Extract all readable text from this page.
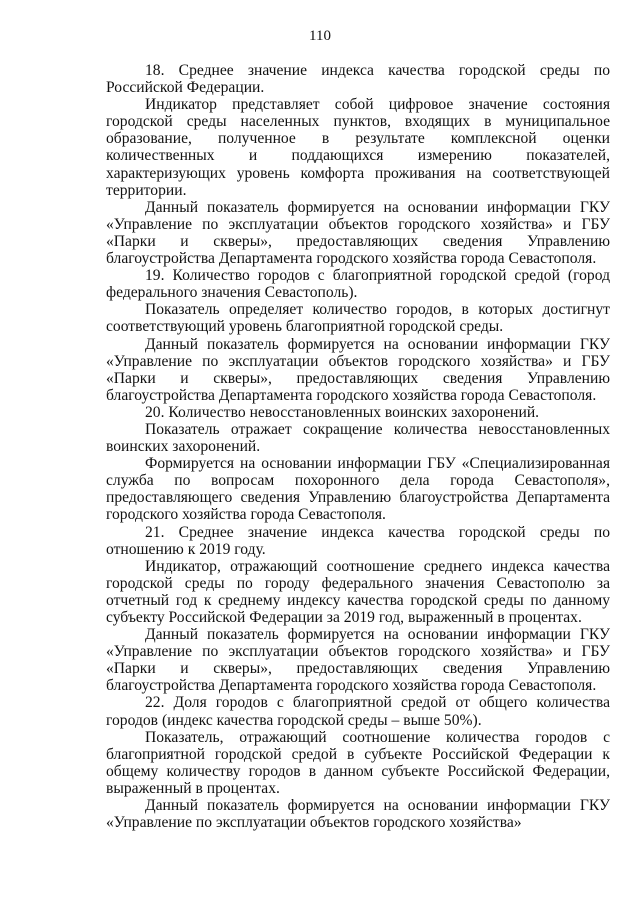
110

18. Среднее значение индекса качества городской среды по Российской Федерации.

Индикатор представляет собой цифровое значение состояния городской среды населенных пунктов, входящих в муниципальное образование, полученное в результате комплексной оценки количественных и поддающихся измерению показателей, характеризующих уровень комфорта проживания на соответствующей территории.

Данный показатель формируется на основании информации ГКУ «Управление по эксплуатации объектов городского хозяйства» и ГБУ «Парки и скверы», предоставляющих сведения Управлению благоустройства Департамента городского хозяйства города Севастополя.

19. Количество городов с благоприятной городской средой (город федерального значения Севастополь).

Показатель определяет количество городов, в которых достигнут соответствующий уровень благоприятной городской среды.

Данный показатель формируется на основании информации ГКУ «Управление по эксплуатации объектов городского хозяйства» и ГБУ «Парки и скверы», предоставляющих сведения Управлению благоустройства Департамента городского хозяйства города Севастополя.

20. Количество невосстановленных воинских захоронений.

Показатель отражает сокращение количества невосстановленных воинских захоронений.

Формируется на основании информации ГБУ «Специализированная служба по вопросам похоронного дела города Севастополя», предоставляющего сведения Управлению благоустройства Департамента городского хозяйства города Севастополя.

21. Среднее значение индекса качества городской среды по отношению к 2019 году.

Индикатор, отражающий соотношение среднего индекса качества городской среды по городу федерального значения Севастополю за отчетный год к среднему индексу качества городской среды по данному субъекту Российской Федерации за 2019 год, выраженный в процентах.

Данный показатель формируется на основании информации ГКУ «Управление по эксплуатации объектов городского хозяйства» и ГБУ «Парки и скверы», предоставляющих сведения Управлению благоустройства Департамента городского хозяйства города Севастополя.

22. Доля городов с благоприятной средой от общего количества городов (индекс качества городской среды – выше 50%).

Показатель, отражающий соотношение количества городов с благоприятной городской средой в субъекте Российской Федерации к общему количеству городов в данном субъекте Российской Федерации, выраженный в процентах.

Данный показатель формируется на основании информации ГКУ «Управление по эксплуатации объектов городского хозяйства»
